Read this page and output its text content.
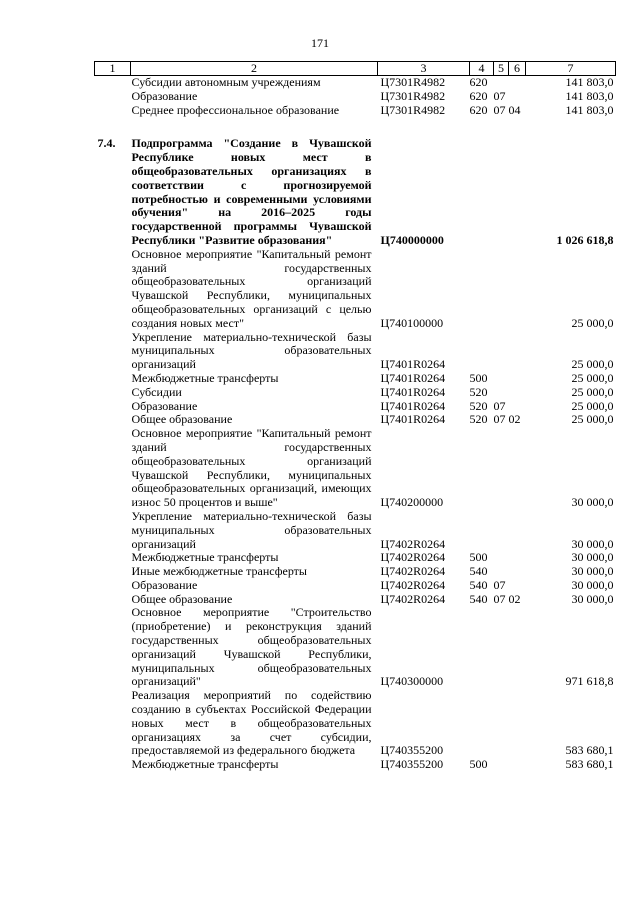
171
1	2	3	4	5	6	7
	Субсидии автономным учреждениям	Ц7301R4982	620			141 803,0
	Образование	Ц7301R4982	620	07		141 803,0
	Среднее профессиональное образование	Ц7301R4982	620	07	04	141 803,0

7.4.	Подпрограмма "Создание в Чувашской Республике новых мест в общеобразовательных организациях в соответствии с прогнозируемой потребностью и современными условиями обучения" на 2016–2025 годы государственной программы Чувашской Республики "Развитие образования"	Ц740000000				1 026 618,8
	Основное мероприятие "Капитальный ремонт зданий государственных общеобразовательных организаций Чувашской Республики, муниципальных общеобразовательных организаций с целью создания новых мест"	Ц740100000				25 000,0
	Укрепление материально-технической базы муниципальных образовательных организаций	Ц7401R0264				25 000,0
	Межбюджетные трансферты	Ц7401R0264	500			25 000,0
	Субсидии	Ц7401R0264	520			25 000,0
	Образование	Ц7401R0264	520	07		25 000,0
	Общее образование	Ц7401R0264	520	07	02	25 000,0
	Основное мероприятие "Капитальный ремонт зданий государственных общеобразовательных организаций Чувашской Республики, муниципальных общеобразовательных организаций, имеющих износ 50 процентов и выше"	Ц740200000				30 000,0
	Укрепление материально-технической базы муниципальных образовательных организаций	Ц7402R0264				30 000,0
	Межбюджетные трансферты	Ц7402R0264	500			30 000,0
	Иные межбюджетные трансферты	Ц7402R0264	540			30 000,0
	Образование	Ц7402R0264	540	07		30 000,0
	Общее образование	Ц7402R0264	540	07	02	30 000,0
	Основное мероприятие "Строительство (приобретение) и реконструкция зданий государственных общеобразовательных организаций Чувашской Республики, муниципальных общеобразовательных организаций"	Ц740300000				971 618,8
	Реализация мероприятий по содействию созданию в субъектах Российской Федерации новых мест в общеобразовательных организациях за счет субсидии, предоставляемой из федерального бюджета	Ц740355200				583 680,1
	Межбюджетные трансферты	Ц740355200	500			583 680,1
